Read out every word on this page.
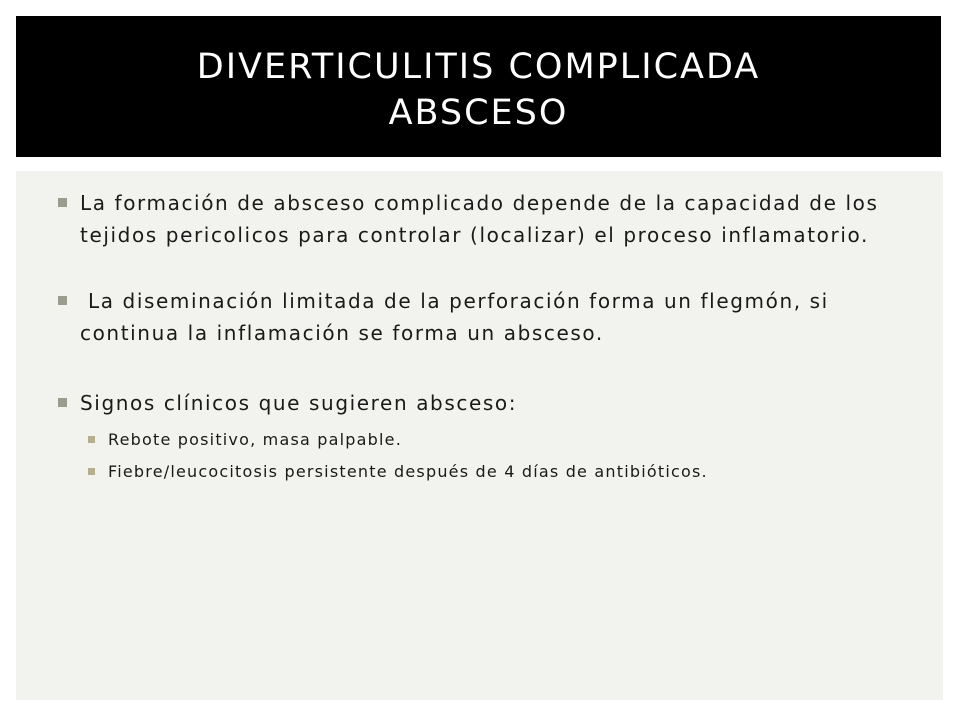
DIVERTICULITIS COMPLICADA
ABSCESO
La formación de absceso complicado depende de la capacidad de los tejidos pericolicos para controlar (localizar) el proceso inflamatorio.
La diseminación limitada de la perforación forma un flegmón, si continua la inflamación se forma un absceso.
Signos clínicos que sugieren absceso:
Rebote positivo, masa palpable.
Fiebre/leucocitosis persistente después de 4 días de antibióticos.
